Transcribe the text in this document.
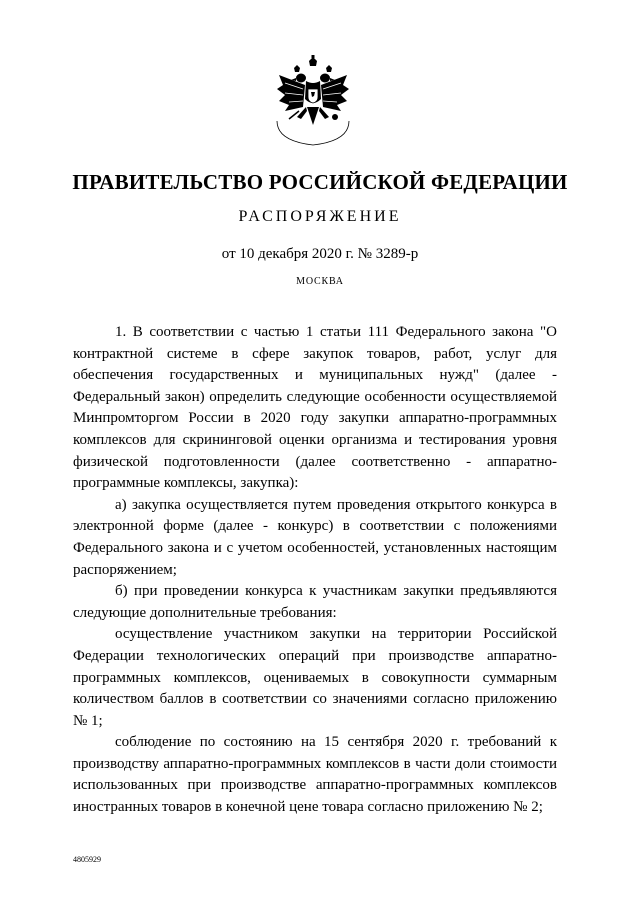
ПРАВИТЕЛЬСТВО РОССИЙСКОЙ ФЕДЕРАЦИИ
РАСПОРЯЖЕНИЕ
от 10 декабря 2020 г. № 3289-р
МОСКВА

1. В соответствии с частью 1 статьи 111 Федерального закона "О контрактной системе в сфере закупок товаров, работ, услуг для обеспечения государственных и муниципальных нужд" (далее - Федеральный закон) определить следующие особенности осуществляемой Минпромторгом России в 2020 году закупки аппаратно-программных комплексов для скрининговой оценки организма и тестирования уровня физической подготовленности (далее соответственно - аппаратно-программные комплексы, закупка):

а) закупка осуществляется путем проведения открытого конкурса в электронной форме (далее - конкурс) в соответствии с положениями Федерального закона и с учетом особенностей, установленных настоящим распоряжением;

б) при проведении конкурса к участникам закупки предъявляются следующие дополнительные требования:

осуществление участником закупки на территории Российской Федерации технологических операций при производстве аппаратно-программных комплексов, оцениваемых в совокупности суммарным количеством баллов в соответствии со значениями согласно приложению № 1;

соблюдение по состоянию на 15 сентября 2020 г. требований к производству аппаратно-программных комплексов в части доли стоимости использованных при производстве аппаратно-программных комплексов иностранных товаров в конечной цене товара согласно приложению № 2;

4805929
